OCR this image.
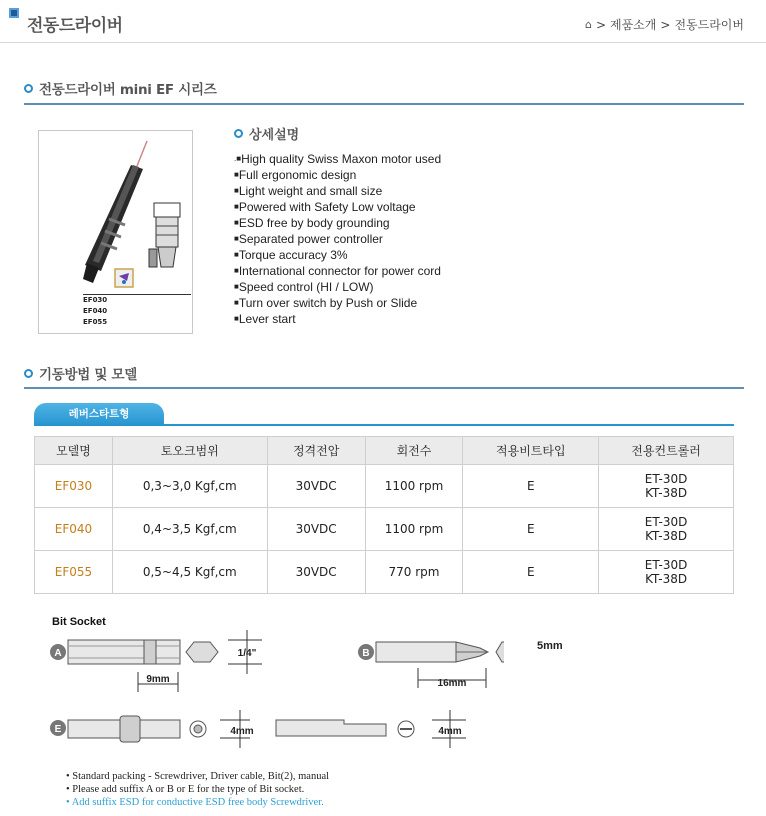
전동드라이버	⌂ > 제품소개 > 전동드라이버
전동드라이버 mini EF 시리즈
EF030
EF040
EF055
상세설명
.■ High quality Swiss Maxon motor used
■ Full ergonomic design
■ Light weight and small size
■ Powered with Safety Low voltage
■ ESD free by body grounding
■ Separated power controller
■ Torque accuracy 3%
■ International connector for power cord
■ Speed control (HI / LOW)
■ Turn over switch by Push or Slide
■ Lever start
기동방법 및 모델
레버스타트형
모델명	토오크범위	정격전압	회전수	적용비트타입	전용컨트롤러
EF030	0,3~3,0 Kgf,cm	30VDC	1100 rpm	E	ET-30D
KT-38D

EF040	0,4~3,5 Kgf,cm	30VDC	1100 rpm	E	ET-30D
KT-38D

EF055	0,5~4,5 Kgf,cm	30VDC	770 rpm	E	ET-30D
KT-38D
Bit Socket
A
9mm
1/4"	B
16mm
E	4mm	4mm
5mm
• Standard packing - Screwdriver, Driver cable, Bit(2), manual
• Please add suffix A or B or E for the type of Bit socket.
• Add suffix ESD for conductive ESD free body Screwdriver.
